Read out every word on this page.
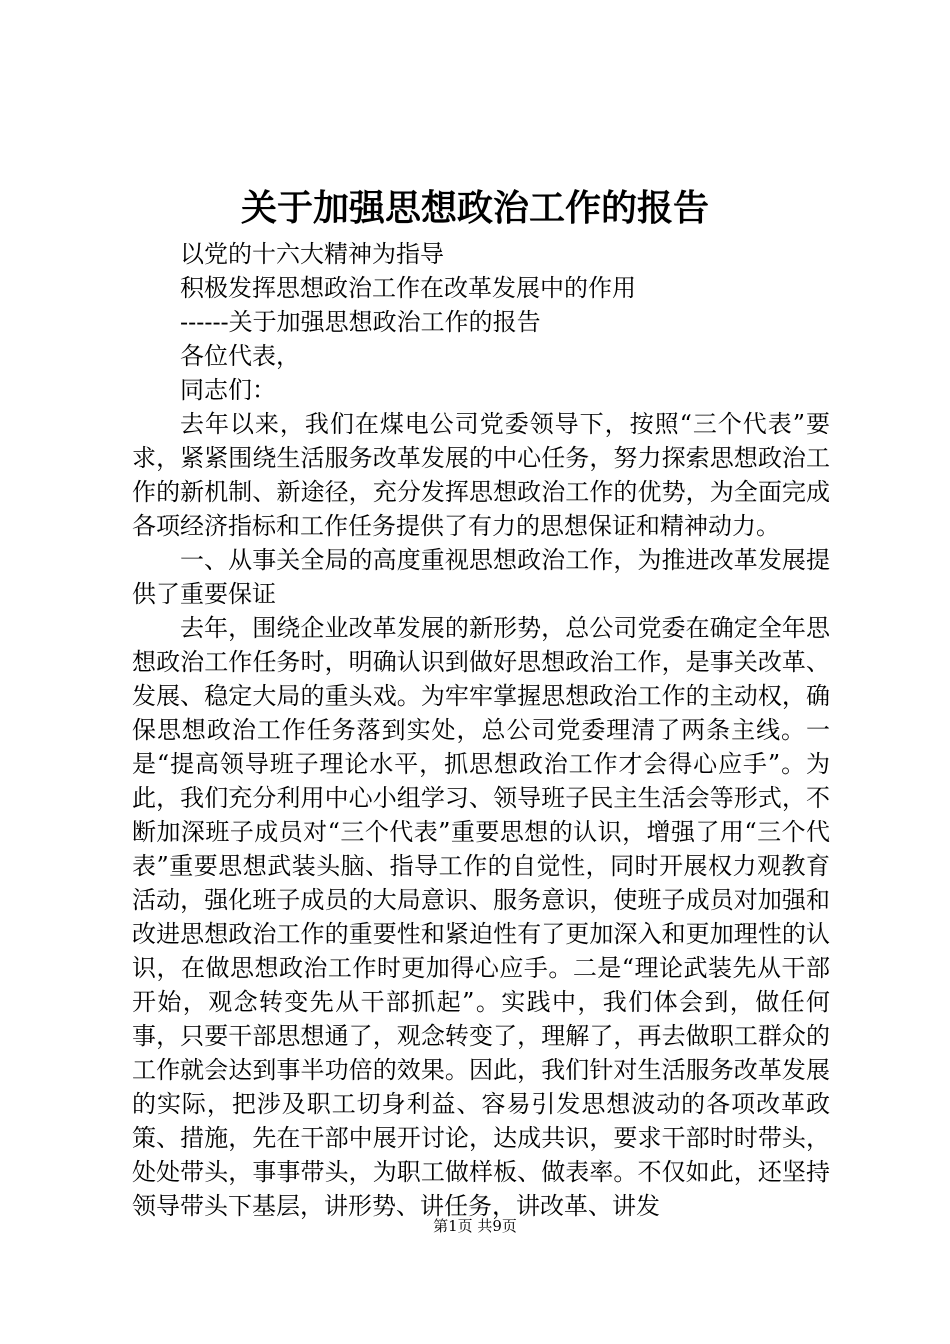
关于加强思想政治工作的报告

以党的十六大精神为指导

积极发挥思想政治工作在改革发展中的作用

------关于加强思想政治工作的报告

各位代表，

同志们：

去年以来，我们在煤电公司党委领导下，按照“三个代表”要求，紧紧围绕生活服务改革发展的中心任务，努力探索思想政治工作的新机制、新途径，充分发挥思想政治工作的优势，为全面完成各项经济指标和工作任务提供了有力的思想保证和精神动力。

一、从事关全局的高度重视思想政治工作，为推进改革发展提供了重要保证

去年，围绕企业改革发展的新形势，总公司党委在确定全年思想政治工作任务时，明确认识到做好思想政治工作，是事关改革、发展、稳定大局的重头戏。为牢牢掌握思想政治工作的主动权，确保思想政治工作任务落到实处，总公司党委理清了两条主线。一是“提高领导班子理论水平，抓思想政治工作才会得心应手”。为此，我们充分利用中心小组学习、领导班子民主生活会等形式，不断加深班子成员对“三个代表”重要思想的认识，增强了用“三个代表”重要思想武装头脑、指导工作的自觉性，同时开展权力观教育活动，强化班子成员的大局意识、服务意识，使班子成员对加强和改进思想政治工作的重要性和紧迫性有了更加深入和更加理性的认识，在做思想政治工作时更加得心应手。二是“理论武装先从干部开始，观念转变先从干部抓起”。实践中，我们体会到，做任何事，只要干部思想通了，观念转变了，理解了，再去做职工群众的工作就会达到事半功倍的效果。因此，我们针对生活服务改革发展的实际，把涉及职工切身利益、容易引发思想波动的各项改革政策、措施，先在干部中展开讨论，达成共识，要求干部时时带头，处处带头，事事带头，为职工做样板、做表率。不仅如此，还坚持领导带头下基层，讲形势、讲任务，讲改革、讲发

第1页 共9页
